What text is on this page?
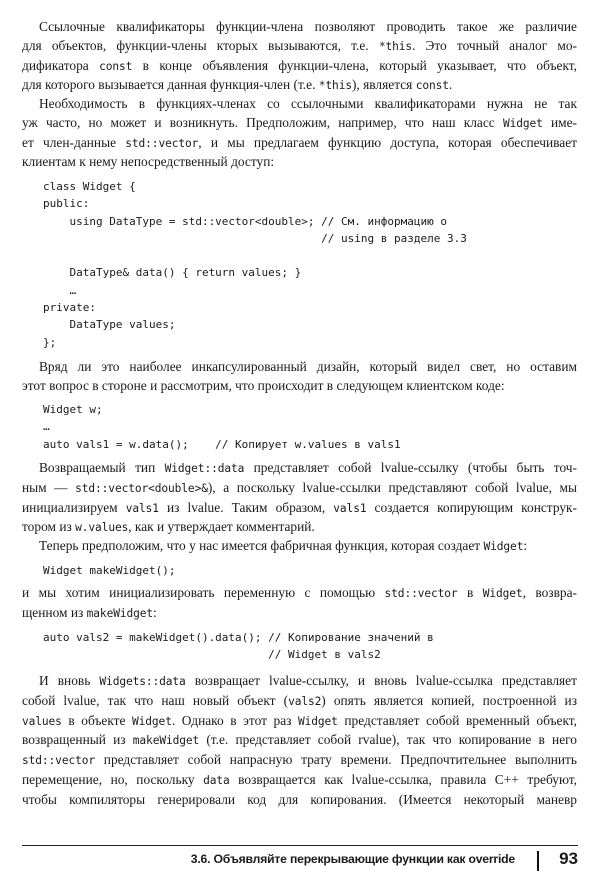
Ссылочные квалификаторы функции-члена позволяют проводить такое же различие
для объектов, функции-члены кторых вызываются, т.е. *this. Это точный аналог мо-
дификатора const в конце объявления функции-члена, который указывает, что объект,
для которого вызывается данная функция-член (т.е. *this), является const.

Необходимость в функциях-членах со ссылочными квалификаторами нужна не так
уж часто, но может и возникнуть. Предположим, например, что наш класс Widget име-
ет член-данные std::vector, и мы предлагаем функцию доступа, которая обеспечивает
клиентам к нему непосредственный доступ:

class Widget {
public:
using DataType = std::vector<double>; // См. информацию о
// using в разделе 3.3

DataType& data() { return values; }
…
private:
DataType values;
};

Вряд ли это наиболее инкапсулированный дизайн, который видел свет, но оставим
этот вопрос в стороне и рассмотрим, что происходит в следующем клиентском коде:

Widget w;
…
auto vals1 = w.data();    // Копирует w.values в vals1

Возвращаемый тип Widget::data представляет собой lvalue-ссылку (чтобы быть точ-
ным — std::vector<double>&), а поскольку lvalue-ссылки представляют собой lvalue, мы
инициализируем vals1 из lvalue. Таким образом, vals1 создается копирующим конструк-
тором из w.values, как и утверждает комментарий.

Теперь предположим, что у нас имеется фабричная функция, которая создает Widget:

Widget makeWidget();

и мы хотим инициализировать переменную с помощью std::vector в Widget, возвра-
щенном из makeWidget:

auto vals2 = makeWidget().data(); // Копирование значений в
// Widget в vals2

И вновь Widgets::data возвращает lvalue-ссылку, и вновь lvalue-ссылка представляет
собой lvalue, так что наш новый объект (vals2) опять является копией, построенной из
values в объекте Widget. Однако в этот раз Widget представляет собой временный объект,
возвращенный из makeWidget (т.е. представляет собой rvalue), так что копирование в него
std::vector представляет собой напрасную трату времени. Предпочтительнее выполнить
перемещение, но, поскольку data возвращается как lvalue-ссылка, правила С++ требуют,
чтобы компиляторы генерировали код для копирования. (Имеется некоторый маневр

3.6. Объявляйте перекрывающие функции как override	93
